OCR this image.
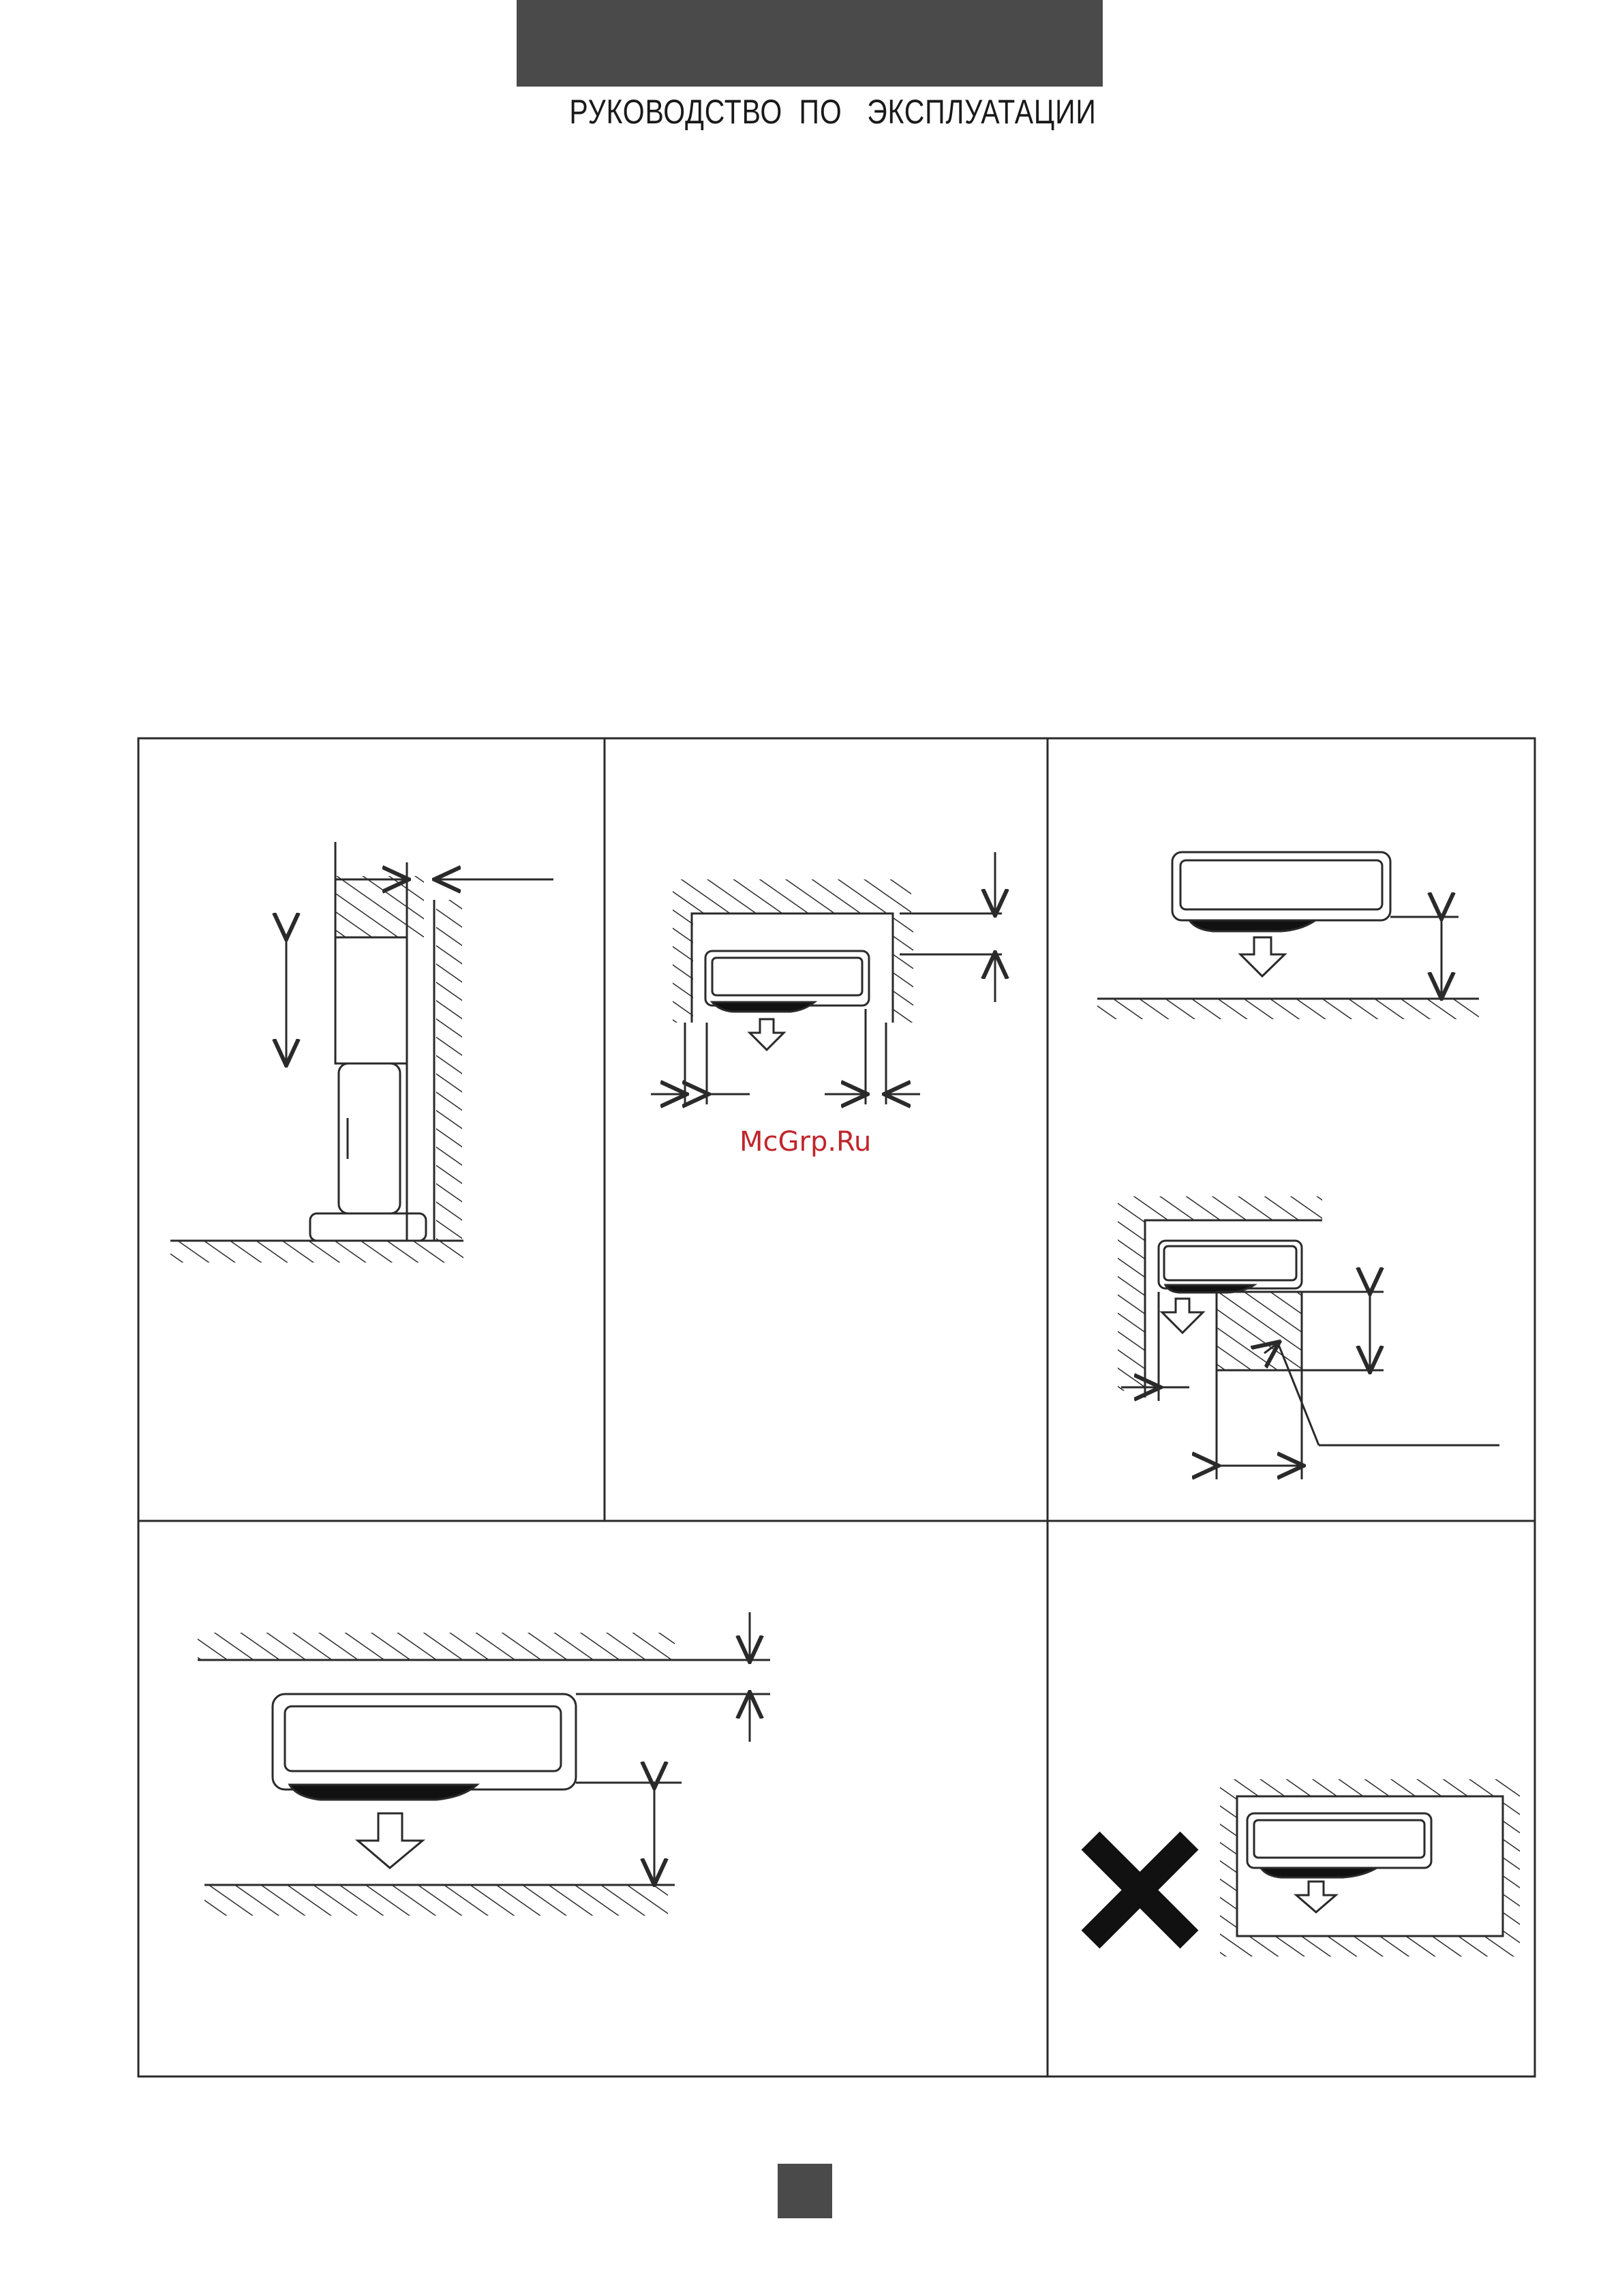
РУКОВОДСТВО  ПО   ЭКСПЛУАТАЦИИ
McGrp.Ru
